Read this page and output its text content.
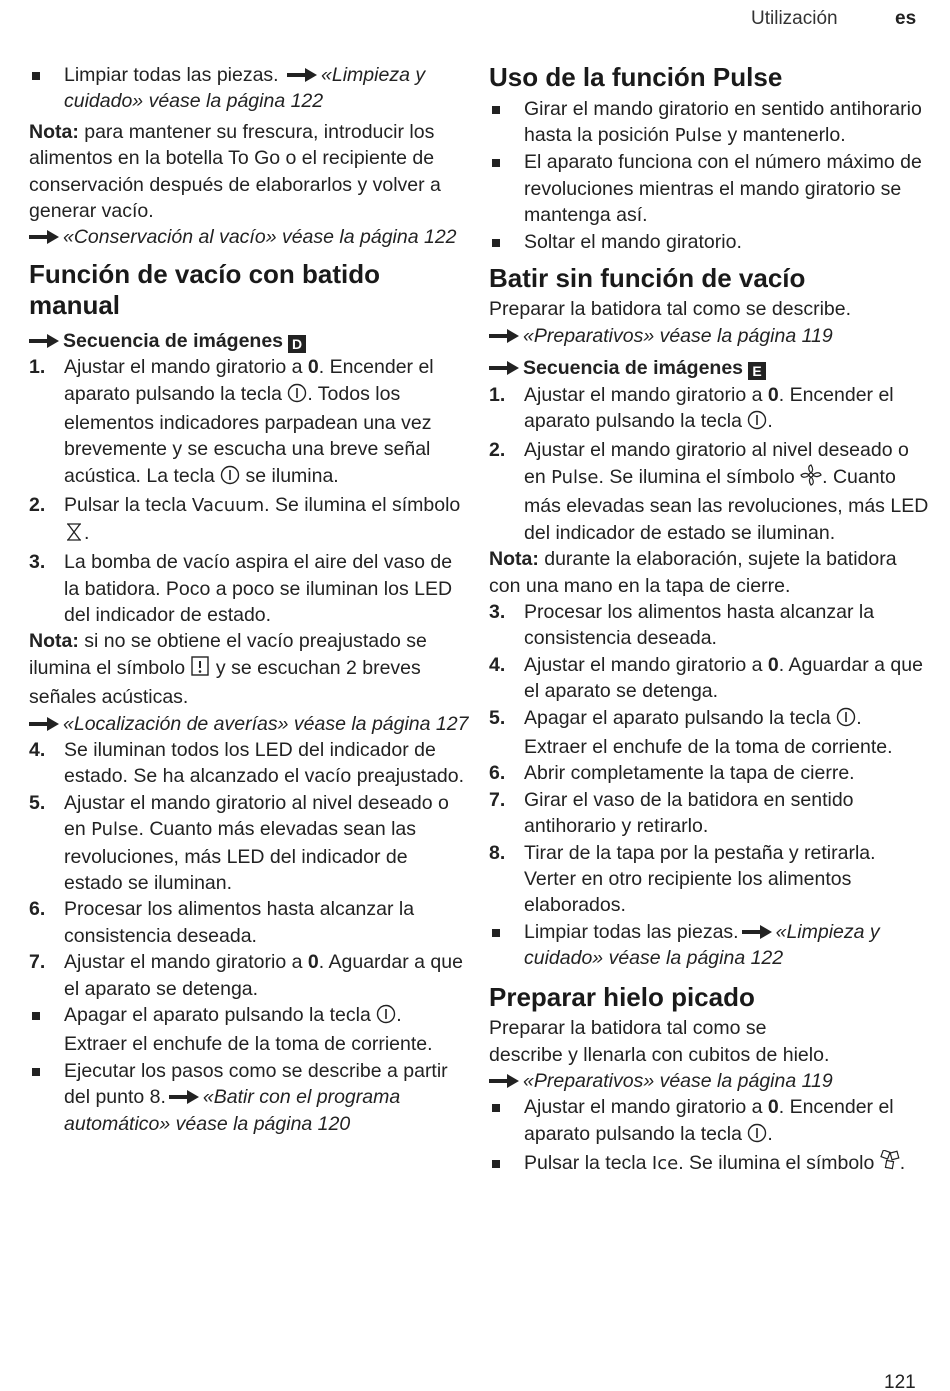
Utilización	es
Limpiar todas las piezas. «Limpieza y cuidado» véase la página 122
Nota: para mantener su frescura, introducir los alimentos en la botella To Go o el recipiente de conservación después de elaborarlos y volver a generar vacío.

«Conservación al vacío» véase la página 122
Función de vacío con batido manual
Secuencia de imágenes D
1. Ajustar el mando giratorio a 0. Encender el aparato pulsando la tecla . Todos los elementos indicadores parpadean una vez brevemente y se escucha una breve señal acústica. La tecla  se ilumina.
2. Pulsar la tecla Vacuum. Se ilumina el símbolo .
3. La bomba de vacío aspira el aire del vaso de la batidora. Poco a poco se iluminan los LED del indicador de estado.
Nota: si no se obtiene el vacío preajustado se ilumina el símbolo  y se escuchan 2 breves señales acústicas.

«Localización de averías» véase la página 127
4. Se iluminan todos los LED del indicador de estado. Se ha alcanzado el vacío preajustado.
5. Ajustar el mando giratorio al nivel deseado o en Pulse. Cuanto más elevadas sean las revoluciones, más LED del indicador de estado se iluminan.
6. Procesar los alimentos hasta alcanzar la consistencia deseada.
7. Ajustar el mando giratorio a 0. Aguardar a que el aparato se detenga.
Apagar el aparato pulsando la tecla . Extraer el enchufe de la toma de corriente.
Ejecutar los pasos como se describe a partir del punto 8. «Batir con el programa automático» véase la página 120
Uso de la función Pulse
Girar el mando giratorio en sentido antihorario hasta la posición Pulse y mantenerlo.
El aparato funciona con el número máximo de revoluciones mientras el mando giratorio se mantenga así.
Soltar el mando giratorio.
Batir sin función de vacío
Preparar la batidora tal como se describe.
«Preparativos» véase la página 119
Secuencia de imágenes E
1. Ajustar el mando giratorio a 0. Encender el aparato pulsando la tecla .
2. Ajustar el mando giratorio al nivel deseado o en Pulse. Se ilumina el símbolo . Cuanto más elevadas sean las revoluciones, más LED del indicador de estado se iluminan.
Nota: durante la elaboración, sujete la batidora con una mano en la tapa de cierre.
3. Procesar los alimentos hasta alcanzar la consistencia deseada.
4. Ajustar el mando giratorio a 0. Aguardar a que el aparato se detenga.
5. Apagar el aparato pulsando la tecla . Extraer el enchufe de la toma de corriente.
6. Abrir completamente la tapa de cierre.
7. Girar el vaso de la batidora en sentido antihorario y retirarlo.
8. Tirar de la tapa por la pestaña y retirarla. Verter en otro recipiente los alimentos elaborados.
Limpiar todas las piezas. «Limpieza y cuidado» véase la página 122
Preparar hielo picado
Preparar la batidora tal como se describe y llenarla con cubitos de hielo.
«Preparativos» véase la página 119
Ajustar el mando giratorio a 0. Encender el aparato pulsando la tecla .
Pulsar la tecla Ice. Se ilumina el símbolo .
121
